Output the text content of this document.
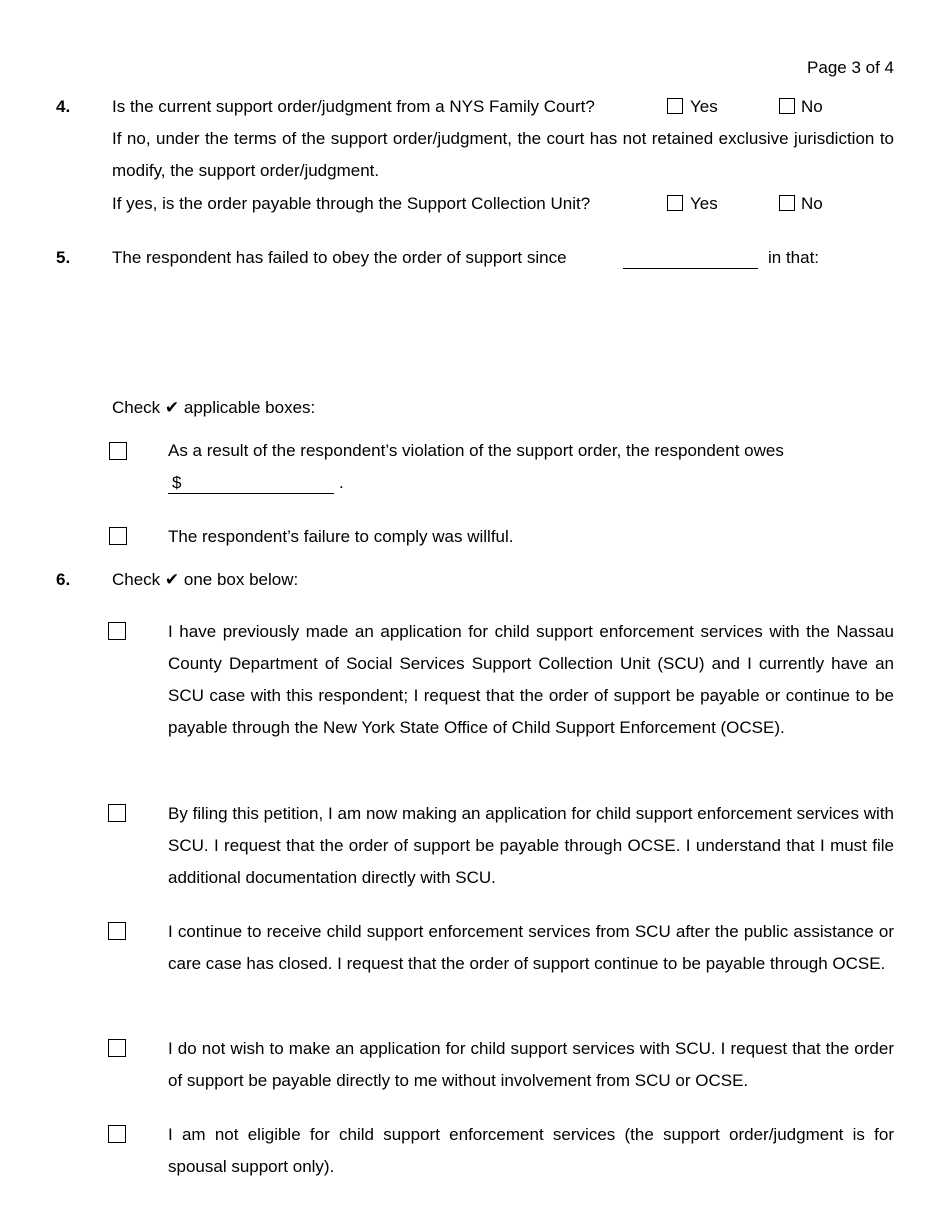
Page 3 of 4
4. Is the current support order/judgment from a NYS Family Court?	Yes	No
If no, under the terms of the support order/judgment, the court has not retained exclusive jurisdiction to modify, the support order/judgment.
If yes, is the order payable through the Support Collection Unit?	Yes	No
5. The respondent has failed to obey the order of support since	in that:
Check ✔ applicable boxes:
As a result of the respondent’s violation of the support order, the respondent owes
$	.
The respondent’s failure to comply was willful.
6. Check ✔ one box below:
I have previously made an application for child support enforcement services with the Nassau County Department of Social Services Support Collection Unit (SCU) and I currently have an SCU case with this respondent; I request that the order of support be payable or continue to be payable through the New York State Office of Child Support Enforcement (OCSE).
By filing this petition, I am now making an application for child support enforcement services with SCU. I request that the order of support be payable through OCSE. I understand that I must file additional documentation directly with SCU.
I continue to receive child support enforcement services from SCU after the public assistance or care case has closed. I request that the order of support continue to be payable through OCSE.
I do not wish to make an application for child support services with SCU. I request that the order of support be payable directly to me without involvement from SCU or OCSE.
I am not eligible for child support enforcement services (the support order/judgment is for spousal support only).
